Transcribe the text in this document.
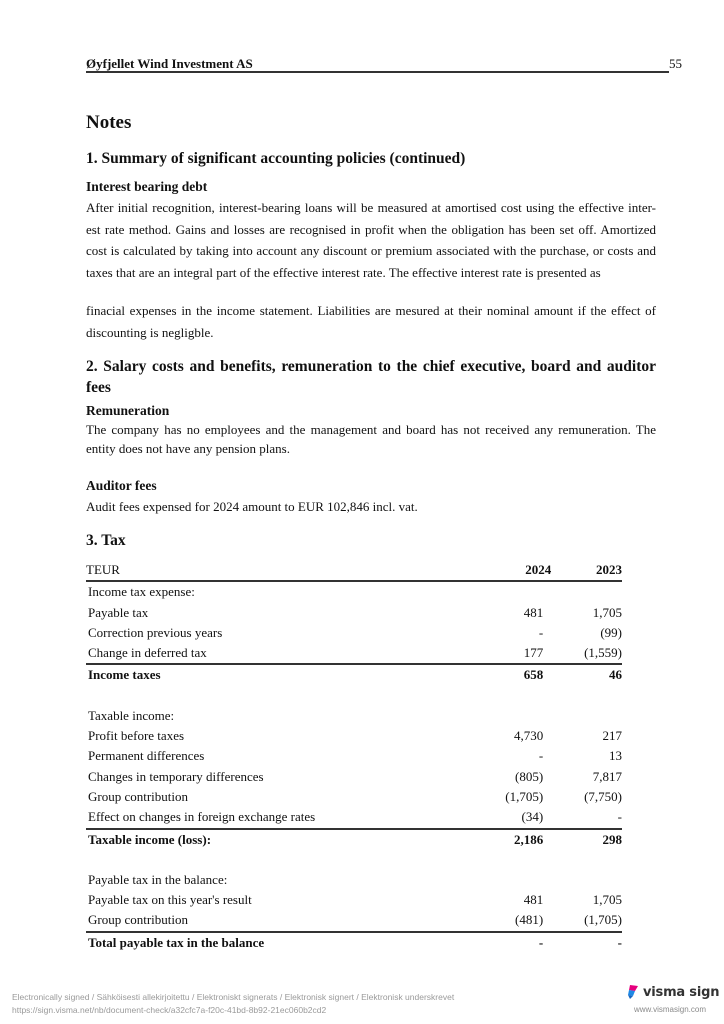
Øyfjellet Wind Investment AS	55
Notes
1. Summary of significant accounting policies (continued)
Interest bearing debt
After initial recognition, interest-bearing loans will be measured at amortised cost using the effective inter-est rate method. Gains and losses are recognised in profit when the obligation has been set off. Amortized cost is calculated by taking into account any discount or premium associated with the purchase, or costs and taxes that are an integral part of the effective interest rate. The effective interest rate is presented as
finacial expenses in the income statement. Liabilities are mesured at their nominal amount if the effect of discounting is negligble.
2. Salary costs and benefits, remuneration to the chief executive, board and auditor fees
Remuneration
The company has no employees and the management and board has not received any remuneration. The entity does not have any pension plans.
Auditor fees
Audit fees expensed for 2024 amount to EUR 102,846 incl. vat.
3. Tax
TEUR	2024	2023
Income tax expense:		
Payable tax	481	1,705
Correction previous years	-	(99)
Change in deferred tax	177	(1,559)
Income taxes	658	46

Taxable income:		
Profit before taxes	4,730	217
Permanent differences	-	13
Changes in temporary differences	(805)	7,817
Group contribution	(1,705)	(7,750)
Effect on changes in foreign exchange rates	(34)	-
Taxable income (loss):	2,186	298

Payable tax in the balance:		
Payable tax on this year's result	481	1,705
Group contribution	(481)	(1,705)
Total payable tax in the balance	-	-
Electronically signed / Sähköisesti allekirjoitettu / Elektroniskt signerats / Elektronisk signert / Elektronisk underskrevet
https://sign.visma.net/nb/document-check/a32cfc7a-f20c-41bd-8b92-21ec060b2cd2
visma sign
www.vismasign.com
